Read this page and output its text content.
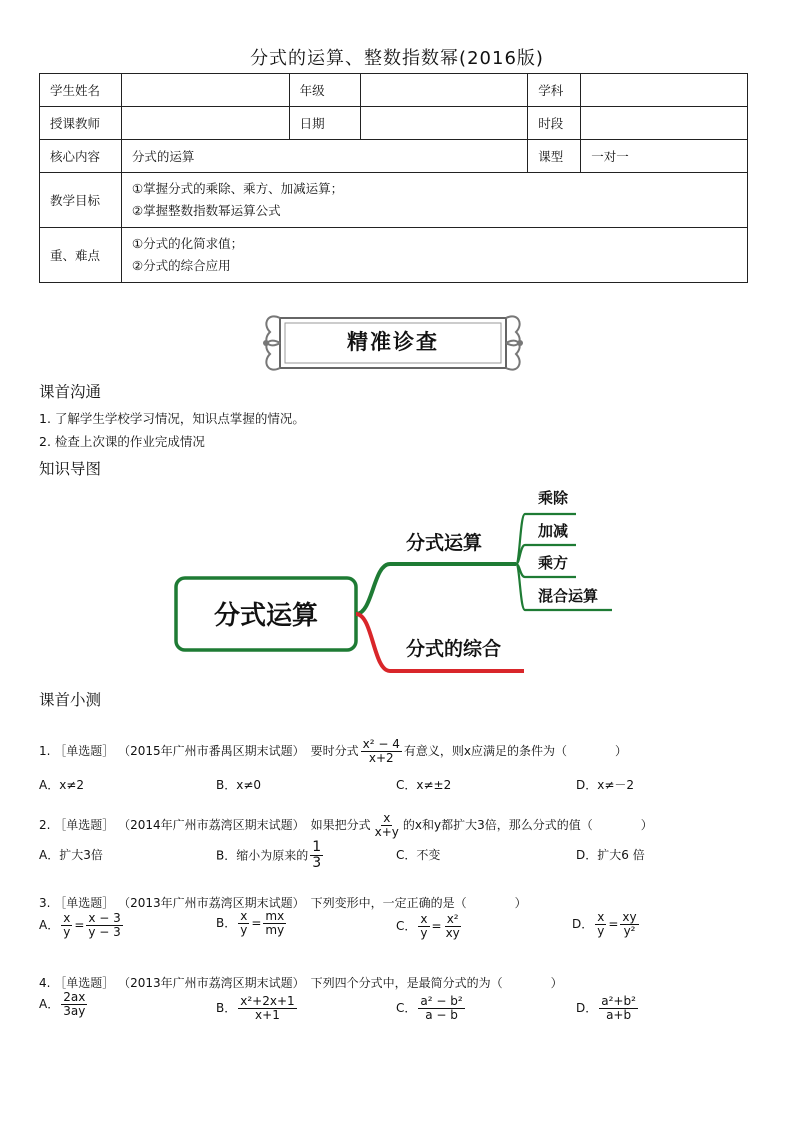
分式的运算、整数指数幂(2016版)
学生姓名		年级		学科	
授课教师		日期		时段	
核心内容	分式的运算			课型	一对一
教学目标	①掌握分式的乘除、乘方、加减运算；
②掌握整数指数幂运算公式				

重、难点	①分式的化简求值；
②分式的综合应用				
精准诊查
课首沟通
1. 了解学生学校学习情况，知识点掌握的情况。
2. 检查上次课的作业完成情况
知识导图
分式运算
分式运算
分式的综合
乘除
加减
乘方
混合运算
课首小测
1. ［单选题］ （2015年广州市番禺区期末试题）　要时分式 $\frac{\text{x² − 4}}{x+2}$ 有意义，则x应满足的条件为（　　　　）
A．x≠2	B．x≠0	C．x≠±2	D．x≠－2
2. ［单选题］ （2014年广州市荔湾区期末试题）　如果把分式 $\frac{x}{x+y}$ 的x和y都扩大3倍，那么分式的值（　　　　）
A．扩大3倍	B．缩小为原来的 $\frac{1}{3}$	C．不变	D．扩大6 倍
3. ［单选题］ （2013年广州市荔湾区期末试题）　下列变形中，一定正确的是（　　　　）
A． $\frac{x}{y} = \frac{x - 3}{y - 3}$	B． $\frac{x}{y} = \frac{mx}{my}$	C． $\frac{x}{y} = \frac{\text{x²}}{xy}$	D． $\frac{x}{y} = \frac{xy}{\text{y²}}$
4. ［单选题］ （2013年广州市荔湾区期末试题）　下列四个分式中，是最简分式的为（　　　　）
A． $\frac{2ax}{3ay}$	B． $\frac{\text{x²+2x+1}}{x+1}$	C． $\frac{\text{a² − b²}}{a - b}$	D． $\frac{\text{a²+b²}}{a+b}$
